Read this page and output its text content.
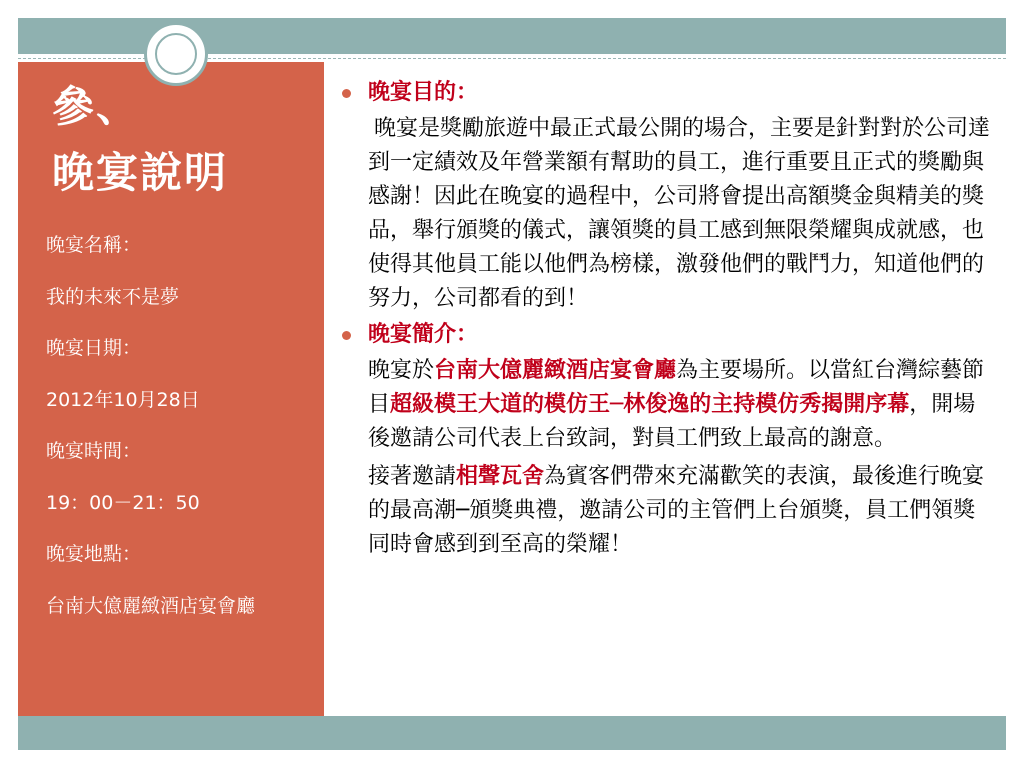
參、
晚宴說明
晚宴名稱：
我的未來不是夢
晚宴日期：
2012年10月28日
晚宴時間：
19：00－21：50
晚宴地點：
台南大億麗緻酒店宴會廳
晚宴目的：
晚宴是獎勵旅遊中最正式最公開的場合，主要是針對對於公司達到一定績效及年營業額有幫助的員工，進行重要且正式的獎勵與感謝！因此在晚宴的過程中，公司將會提出高額獎金與精美的獎品，舉行頒獎的儀式，讓領獎的員工感到無限榮耀與成就感，也使得其他員工能以他們為榜樣，激發他們的戰鬥力，知道他們的努力，公司都看的到！
晚宴簡介：
晚宴於台南大億麗緻酒店宴會廳為主要場所。以當紅台灣綜藝節目超級模王大道的模仿王─林俊逸的主持模仿秀揭開序幕，開場後邀請公司代表上台致詞，對員工們致上最高的謝意。
接著邀請相聲瓦舍為賓客們帶來充滿歡笑的表演，最後進行晚宴的最高潮─頒獎典禮，邀請公司的主管們上台頒獎，員工們領獎同時會感到到至高的榮耀！
